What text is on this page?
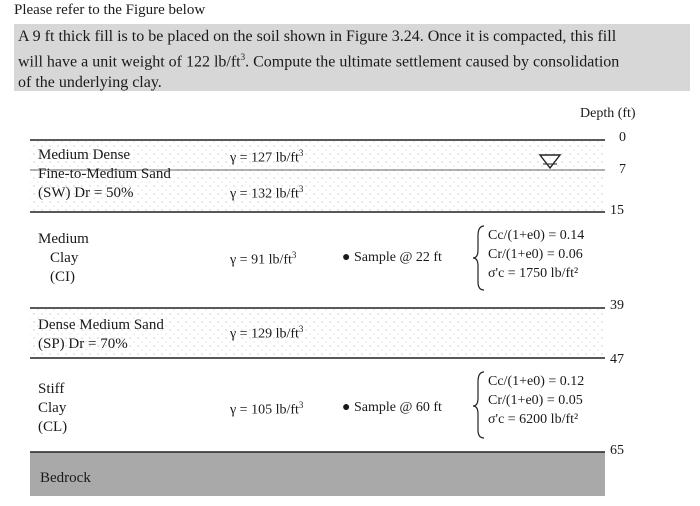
Please refer to the Figure below
A 9 ft thick fill is to be placed on the soil shown in Figure 3.24. Once it is compacted, this fill
will have a unit weight of 122 $lb/ft^3$. Compute the ultimate settlement caused by consolidation
of the underlying clay.
Depth (ft)
0
7
15
39
47
65
Medium Dense
Fine-to-Medium Sand
(SW) Dr = 50%
Medium
Clay
(CI)
Dense Medium Sand
(SP) Dr = 70%
Stiff
Clay
(CL)
Bedrock
γ = 127 $lb/ft^3$
γ = 132 $lb/ft^3$
γ = 91 $lb/ft^3$
γ = 129 $lb/ft^3$
γ = 105 $lb/ft^3$
● Sample @ 22 ft
● Sample @ 60 ft
Cc/(1+e0) = 0.14
Cr/(1+e0) = 0.06
σ'c = 1750 lb/ft²
Cc/(1+e0) = 0.12
Cr/(1+e0) = 0.05
σ'c = 6200 lb/ft²
